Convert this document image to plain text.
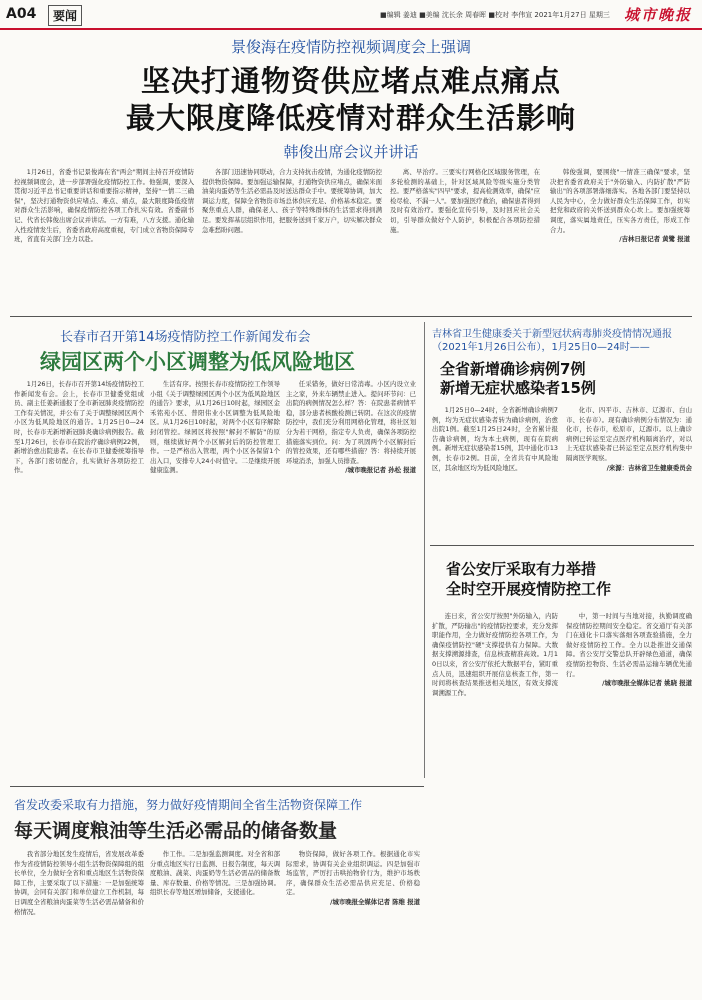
A04	要闻	■编辑 姜迪 ■美编 沈长余 周春晖 ■校对 李伟宣 2021年1月27日 星期三 城市晚报
景俊海在疫情防控视频调度会上强调
坚决打通物资供应堵点难点痛点
最大限度降低疫情对群众生活影响
韩俊出席会议并讲话

1月26日，省委书记景俊海在省"两会"期间主持召开疫情防控视频调度会，进一步部署强化疫情防控工作。他强调，要深入贯彻习近平总书记重要讲话和重要指示精神，坚持"一情二三确保"，坚决打通物资供应堵点、难点、痛点，最大限度降低疫情对群众生活影响，确保疫情防控各项工作扎实有效。省委副书记、代省长韩俊出席会议并讲话。一方有难，八方支援。通化输入性疫情发生后，省委省政府高度重视，专门成立省物资保障专班，省直有关部门全力以赴。

各部门迅速协同联动，合力支持抗击疫情，为通化疫情防控提供物资保障。要加强运输保障，打通物资供应堵点，确保米面油菜肉蛋奶等生活必需品及时送达群众手中。要统筹协调，加大调运力度，保障全省物资市场总体供应充足、价格基本稳定。要聚焦重点人群，确保老人、孩子等特殊群体的生活需求得到满足。要发挥基层组织作用，把服务送到千家万户，切实解决群众急难愁盼问题。

离、早治疗。三要实行网格化区域服务管理，在多轮检测的基础上，针对区域风险等级实施分类管控。要严格落实"四早"要求，提高检测效率，确保"应检尽检、不漏一人"。要加强医疗救治，确保患者得到及时有效治疗。要强化宣传引导，及时回应社会关切，引导群众做好个人防护，积极配合各项防控措施。

韩俊强调，要围绕"一情准三确保"要求，坚决把省委省政府关于"外防输入、内防扩散"严防输出"的各项部署落细落实。各地各部门要坚持以人民为中心，全力做好群众生活保障工作，切实把党和政府的关怀送到群众心坎上。要加强统筹调度，落实属地责任，压实各方责任，形成工作合力。

/吉林日报记者 黄鹭 报道

长春市召开第14场疫情防控工作新闻发布会
绿园区两个小区调整为低风险地区

1月26日，长春市召开第14场疫情防控工作新闻发布会。会上，长春市卫健委党组成员、副主任姜新通报了全市新冠肺炎疫情防控工作有关情况，并公布了关于调整绿园区两个小区为低风险地区的通告。1月25日0—24时，长春市无新增新冠肺炎确诊病例报告。截至1月26日，长春市在院治疗确诊病例22例，新增治愈出院患者。在长春市卫健委统筹指导下，各部门密切配合，扎实做好各项防控工作。

生活有序。按照长春市疫情防控工作领导小组《关于调整绿园区两个小区为低风险地区的通告》要求，从1月26日10时起，绿园区金禾铭苑小区、普阳伟业小区调整为低风险地区。从1月26日10时起，对两个小区有序解除封闭管控。绿园区将按照"解封不解防"的原则，继续做好两个小区解封后的防控管理工作。一是严格出入管理，两个小区各保留1个出入口，安排专人24小时值守。二是继续开展健康监测。

任采错务，做好日常消毒。小区内设立业主之家，外来车辆禁止进入。提问环节问：已出院的病例情况怎么样？答：在院患者病情平稳，部分患者核酸检测已转阴。在这次的疫情防控中，我们充分利用网格化管理，将社区划分为若干网格，指定专人负责，确保各项防控措施落实到位。问：为了巩固两个小区解封后的管控效果，还有哪些措施？答：将持续开展环境消杀，加强人员排查。

/城市晚报记者 孙松 报道

吉林省卫生健康委关于新型冠状病毒肺炎疫情情况通报（2021年1月26日公布），1月25日0—24时——
全省新增确诊病例7例
新增无症状感染者15例

1月25日0—24时，全省新增确诊病例7例，均为无症状感染者转为确诊病例，治愈出院1例。截至1月25日24时，全省累计报告确诊病例，均为本土病例，现有在院病例。新增无症状感染者15例，其中通化市13例，长春市2例。目前，全省共有中风险地区，其余地区均为低风险地区。

化市、四平市、吉林市、辽源市、白山市、长春市）。现有确诊病例分布情况为：通化市，长春市，松原市，辽源市。以上确诊病例已转运至定点医疗机构隔离治疗，对以上无症状感染者已转运至定点医疗机构集中隔离医学观察。

/来源：吉林省卫生健康委员会

省公安厅采取有力举措
全时空开展疫情防控工作

连日来，省公安厅按照"外防输入，内防扩散，严防输出"的疫情防控要求，充分发挥职能作用，全力做好疫情防控各项工作，为确保疫情防控"硬"支撑提供有力保障。大数据支撑溯源排查，信息核查精准高效。1月10日以来，省公安厅依托大数据平台，紧盯重点人员，迅速组织开展信息核查工作，第一时间将核查结果推送相关地区，有效支撑流调溯源工作。

中，第一时间与当地对接，执勤调度确保疫情防控期间安全稳定。省交通厅有关部门在通化卡口落实落细各项查验措施，全力做好疫情防控工作。全力以赴推进交通保障。省公安厅交警总队开辟绿色通道，确保疫情防控物资、生活必需品运输车辆优先通行。

/城市晚报全媒体记者 姚晓 报道

省发改委采取有力措施，努力做好疫情期间全省生活物资保障工作
每天调度粮油等生活必需品的储备数量

我省部分地区发生疫情后，省发展改革委作为省疫情防控领导小组生活物资保障组的组长单位，全力做好全省和重点地区生活物资保障工作，主要采取了以下措施：一是加强统筹协调，会同有关部门和单位建立工作机制，每日调度全省粮油肉蛋菜等生活必需品储备和价格情况。

作工作。二是加强监测调度。对全省和部分重点地区实行日监测、日报告制度，每天调度粮油、蔬菜、肉蛋奶等生活必需品的储备数量、库存数量、价格等情况。三是加强协调。组织长春等地区增加储备，支援通化。

物资保障，做好各项工作。根据通化市实际需求，协调有关企业组织调运。四是加强市场监管，严厉打击哄抬物价行为，维护市场秩序，确保群众生活必需品供应充足、价格稳定。

/城市晚报全媒体记者 陈维 报道
